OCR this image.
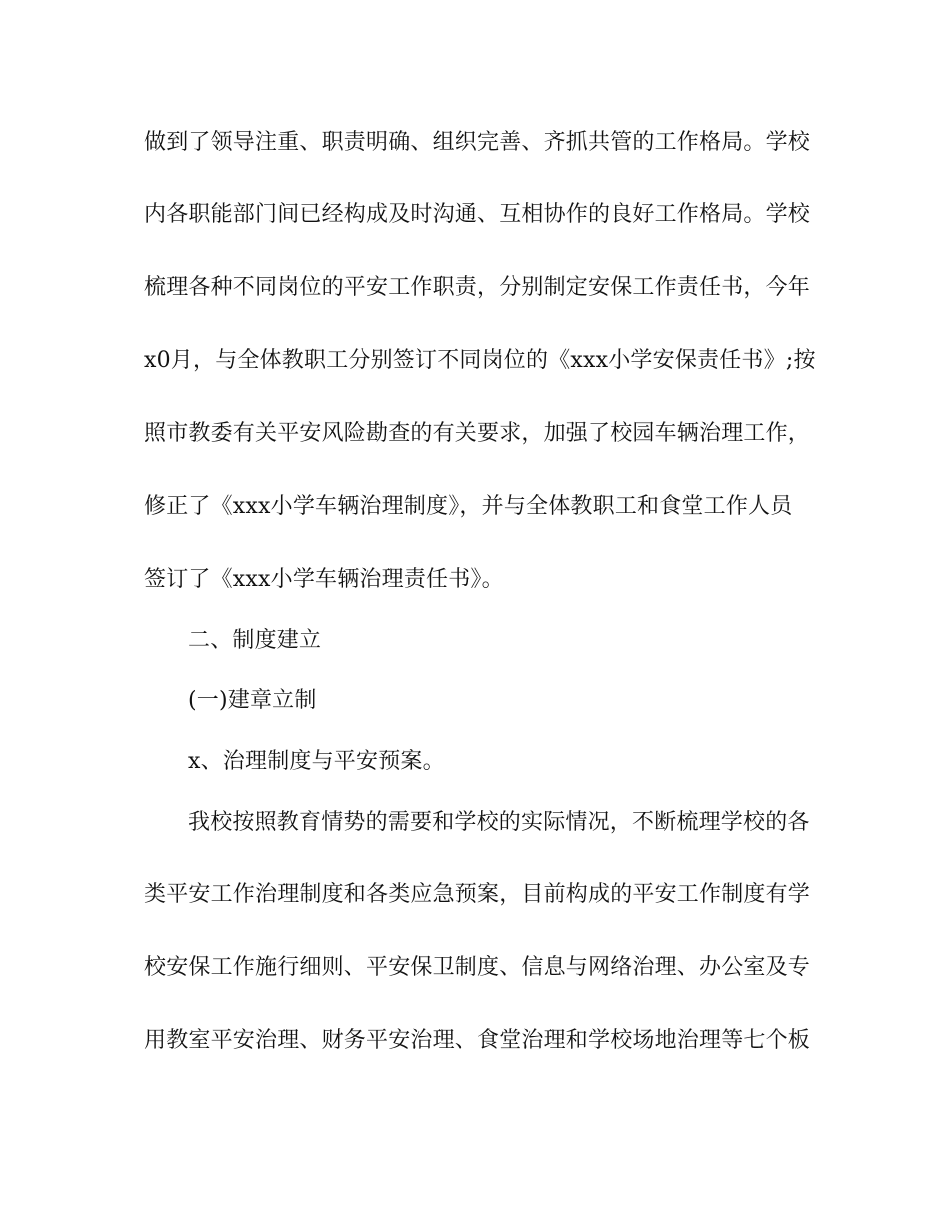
做到了领导注重、职责明确、组织完善、齐抓共管的工作格局。学校
内各职能部门间已经构成及时沟通、互相协作的良好工作格局。学校
梳理各种不同岗位的平安工作职责，分别制定安保工作责任书，今年
x0月，与全体教职工分别签订不同岗位的《xxx小学安保责任书》;按
照市教委有关平安风险勘查的有关要求，加强了校园车辆治理工作，
修正了《xxx小学车辆治理制度》，并与全体教职工和食堂工作人员
签订了《xxx小学车辆治理责任书》。
二、制度建立
(一)建章立制
x、治理制度与平安预案。
我校按照教育情势的需要和学校的实际情况，不断梳理学校的各
类平安工作治理制度和各类应急预案，目前构成的平安工作制度有学
校安保工作施行细则、平安保卫制度、信息与网络治理、办公室及专
用教室平安治理、财务平安治理、食堂治理和学校场地治理等七个板
